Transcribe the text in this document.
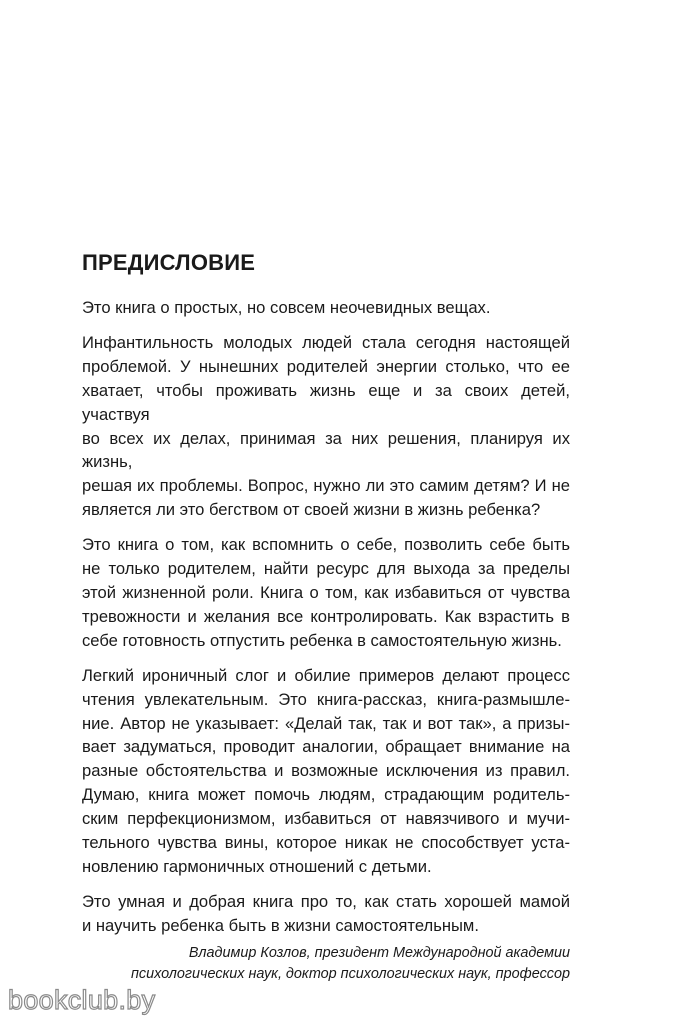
ПРЕДИСЛОВИЕ

Это книга о простых, но совсем неочевидных вещах.

Инфантильность молодых людей стала сегодня настоящей
проблемой. У нынешних родителей энергии столько, что ее
хватает, чтобы проживать жизнь еще и за своих детей, участвуя
во всех их делах, принимая за них решения, планируя их жизнь,
решая их проблемы. Вопрос, нужно ли это самим детям? И не
является ли это бегством от своей жизни в жизнь ребенка?

Это книга о том, как вспомнить о себе, позволить себе быть
не только родителем, найти ресурс для выхода за пределы
этой жизненной роли. Книга о том, как избавиться от чувства
тревожности и желания все контролировать. Как взрастить в
себе готовность отпустить ребенка в самостоятельную жизнь.

Легкий ироничный слог и обилие примеров делают процесс
чтения увлекательным. Это книга-рассказ, книга-размышле-
ние. Автор не указывает: «Делай так, так и вот так», а призы-
вает задуматься, проводит аналогии, обращает внимание на
разные обстоятельства и возможные исключения из правил.
Думаю, книга может помочь людям, страдающим родитель-
ским перфекционизмом, избавиться от навязчивого и мучи-
тельного чувства вины, которое никак не способствует уста-
новлению гармоничных отношений с детьми.

Это умная и добрая книга про то, как стать хорошей мамой
и научить ребенка быть в жизни самостоятельным.

Владимир Козлов, президент Международной академии
психологических наук, доктор психологических наук, профессор
bookclub.by
